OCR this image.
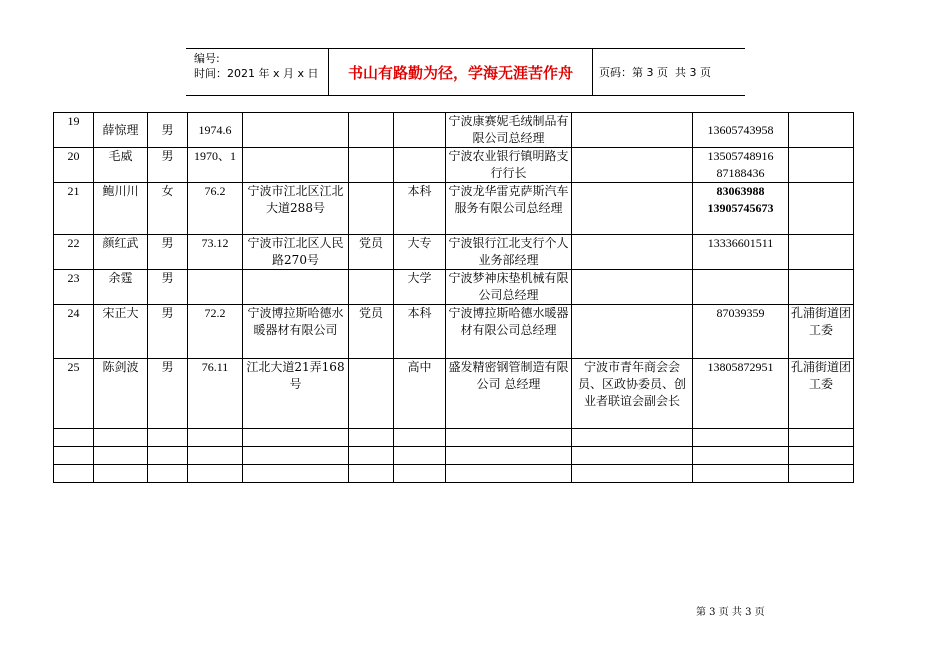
编号:
时间：2021 年 x 月 x 日	书山有路勤为径，学海无涯苦作舟 页码：第 3 页  共 3 页
19	薛惊理	男	1974.6				宁波康赛妮毛绒制品有限公司总经理		13605743958	
20	毛威	男	1970、1				宁波农业银行镇明路支行行长		13505748916 87188436	
21	鲍川川	女	76.2	宁波市江北区江北大道288号		本科	宁波龙华雷克萨斯汽车服务有限公司总经理		83063988 13905745673	
22	颜红武	男	73.12	宁波市江北区人民路270号	党员	大专	宁波银行江北支行个人业务部经理		13336601511	
23	余霆	男				大学	宁波梦神床垫机械有限公司总经理			
24	宋正大	男	72.2	宁波博拉斯哈德水暖器材有限公司	党员	本科	宁波博拉斯哈德水暖器材有限公司总经理		87039359	孔浦街道团工委
25	陈剑波	男	76.11	江北大道21弄168号		高中	盛发精密钢管制造有限公司 总经理	宁波市青年商会会员、区政协委员、创业者联谊会副会长	13805872951	孔浦街道团工委

第 3 页 共 3 页
